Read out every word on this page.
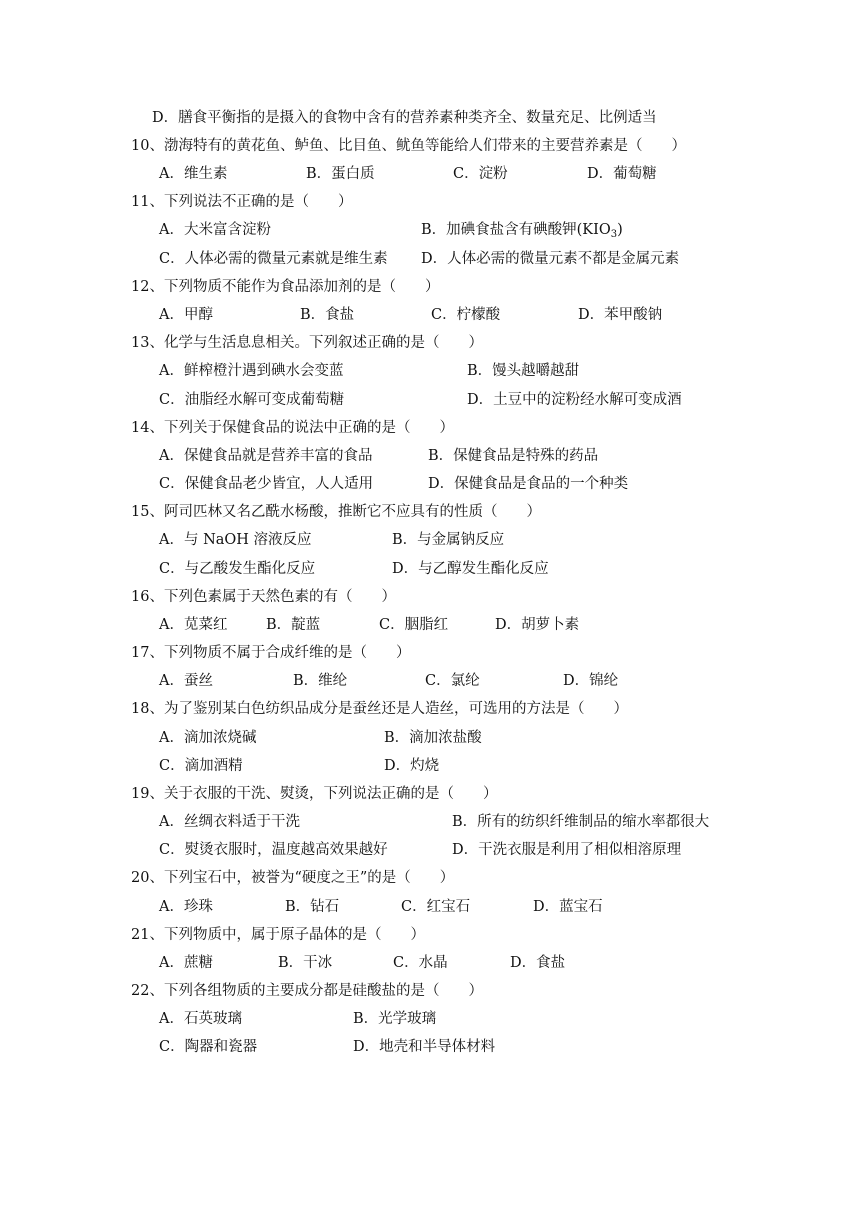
D．膳食平衡指的是摄入的食物中含有的营养素种类齐全、数量充足、比例适当
10、渤海特有的黄花鱼、鲈鱼、比目鱼、鱿鱼等能给人们带来的主要营养素是（　　）
A．维生素	B．蛋白质	C．淀粉	D．葡萄糖
11、下列说法不正确的是（　　）
A．大米富含淀粉	B．加碘食盐含有碘酸钾$(KIO_3)$
C．人体必需的微量元素就是维生素 D．人体必需的微量元素不都是金属元素
12、下列物质不能作为食品添加剂的是（　　）
A．甲醇	B．食盐	C．柠檬酸	D．苯甲酸钠
13、化学与生活息息相关。下列叙述正确的是（　　）
A．鲜榨橙汁遇到碘水会变蓝	B．馒头越嚼越甜
C．油脂经水解可变成葡萄糖	D．土豆中的淀粉经水解可变成酒
14、下列关于保健食品的说法中正确的是（　　）
A．保健食品就是营养丰富的食品	B．保健食品是特殊的药品
C．保健食品老少皆宜，人人适用	D．保健食品是食品的一个种类
15、阿司匹林又名乙酰水杨酸，推断它不应具有的性质（　　）
A．与 NaOH 溶液反应	B．与金属钠反应
C．与乙酸发生酯化反应	D．与乙醇发生酯化反应
16、下列色素属于天然色素的有（　　）
A．苋菜红	B．靛蓝	C．胭脂红	D．胡萝卜素
17、下列物质不属于合成纤维的是（　　）
A．蚕丝	B．维纶	C．氯纶	D．锦纶
18、为了鉴别某白色纺织品成分是蚕丝还是人造丝，可选用的方法是（　　）
A．滴加浓烧碱	B．滴加浓盐酸
C．滴加酒精	D．灼烧
19、关于衣服的干洗、熨烫，下列说法正确的是（　　）
A．丝绸衣料适于干洗	B．所有的纺织纤维制品的缩水率都很大
C．熨烫衣服时，温度越高效果越好	D．干洗衣服是利用了相似相溶原理
20、下列宝石中，被誉为“硬度之王”的是（　　）
A．珍珠	B．钻石	C．红宝石	D．蓝宝石
21、下列物质中，属于原子晶体的是（　　）
A．蔗糖	B．干冰	C．水晶	D．食盐
22、下列各组物质的主要成分都是硅酸盐的是（　　）
A．石英玻璃	B．光学玻璃
C．陶器和瓷器	D．地壳和半导体材料
